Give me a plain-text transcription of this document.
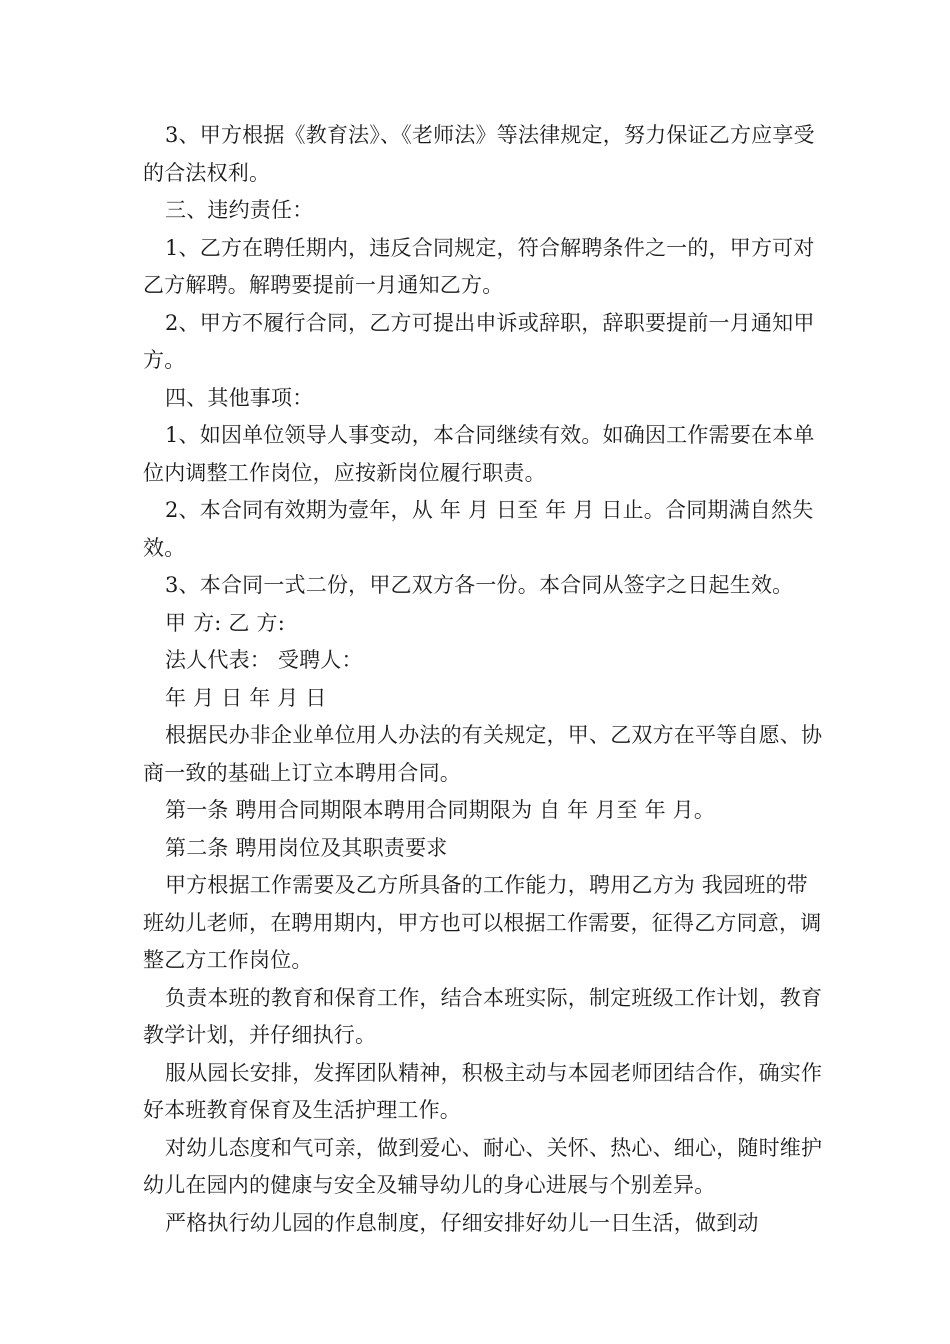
3、甲方根据《教育法》、《老师法》等法律规定，努力保证乙方应享受的合法权利。

三、违约责任：

1、乙方在聘任期内，违反合同规定，符合解聘条件之一的，甲方可对乙方解聘。解聘要提前一月通知乙方。

2、甲方不履行合同，乙方可提出申诉或辞职，辞职要提前一月通知甲方。

四、其他事项：

1、如因单位领导人事变动，本合同继续有效。如确因工作需要在本单位内调整工作岗位，应按新岗位履行职责。

2、本合同有效期为壹年，从 年 月 日至 年 月 日止。合同期满自然失效。

3、本合同一式二份，甲乙双方各一份。本合同从签字之日起生效。

甲 方: 乙 方:

法人代表： 受聘人：

年 月 日 年 月 日

根据民办非企业单位用人办法的有关规定，甲、乙双方在平等自愿、协商一致的基础上订立本聘用合同。

第一条 聘用合同期限本聘用合同期限为 自 年 月至 年 月。

第二条 聘用岗位及其职责要求

甲方根据工作需要及乙方所具备的工作能力，聘用乙方为 我园班的带班幼儿老师，在聘用期内，甲方也可以根据工作需要，征得乙方同意，调整乙方工作岗位。

负责本班的教育和保育工作，结合本班实际，制定班级工作计划，教育教学计划，并仔细执行。

服从园长安排，发挥团队精神，积极主动与本园老师团结合作，确实作好本班教育保育及生活护理工作。

对幼儿态度和气可亲，做到爱心、耐心、关怀、热心、细心，随时维护幼儿在园内的健康与安全及辅导幼儿的身心进展与个别差异。

严格执行幼儿园的作息制度，仔细安排好幼儿一日生活，做到动
